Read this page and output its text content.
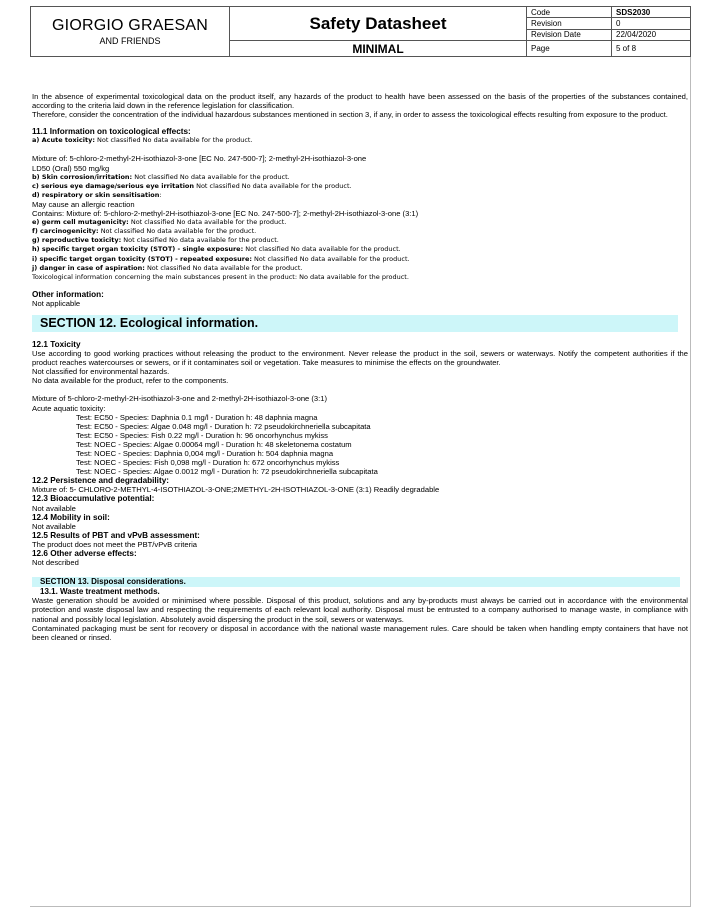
GIORGIO GRAESAN
AND FRIENDS	Safety Datasheet	Code	SDS2030
		Revision	0
		Revision Date	22/04/2020
	MINIMAL	Page	5 of 8

In the absence of experimental toxicological data on the product itself, any hazards of the product to health have been assessed on the basis of the properties of the substances contained, according to the criteria laid down in the reference legislation for classification.

Therefore, consider the concentration of the individual hazardous substances mentioned in section 3, if any, in order to assess the toxicological effects resulting from exposure to the product.

11.1 Information on toxicological effects:

a) Acute toxicity: Not classified No data available for the product.

Mixture of: 5-chloro-2-methyl-2H-isothiazol-3-one [EC No. 247-500-7]; 2-methyl-2H-isothiazol-3-one

LD50 (Oral) 550 mg/kg

b) Skin corrosion/irritation: Not classified No data available for the product.

c) serious eye damage/serious eye irritation Not classified No data available for the product.

d) respiratory or skin sensitisation:

May cause an allergic reaction

Contains: Mixture of: 5-chloro-2-methyl-2H-isothiazol-3-one [EC No. 247-500-7]; 2-methyl-2H-isothiazol-3-one (3:1)

e) germ cell mutagenicity: Not classified No data available for the product.

f) carcinogenicity: Not classified No data available for the product.

g) reproductive toxicity: Not classified No data available for the product.

h) specific target organ toxicity (STOT) - single exposure: Not classified No data available for the product.

i) specific target organ toxicity (STOT) - repeated exposure: Not classified No data available for the product.

j) danger in case of aspiration: Not classified No data available for the product.

Toxicological information concerning the main substances present in the product: No data available for the product.

Other information:

Not applicable

SECTION 12. Ecological information.

12.1 Toxicity

Use according to good working practices without releasing the product to the environment. Never release the product in the soil, sewers or waterways. Notify the competent authorities if the product reaches watercourses or sewers, or if it contaminates soil or vegetation. Take measures to minimise the effects on the groundwater.

Not classified for environmental hazards.

No data available for the product, refer to the components.

Mixture of 5-chloro-2-methyl-2H-isothiazol-3-one and 2-methyl-2H-isothiazol-3-one (3:1)

Acute aquatic toxicity:

Test: EC50 - Species: Daphnia 0.1 mg/l - Duration h: 48 daphnia magna

Test: EC50 - Species: Algae 0.048 mg/l - Duration h: 72 pseudokirchneriella subcapitata

Test: EC50 - Species: Fish 0.22 mg/l - Duration h: 96 oncorhynchus mykiss

Test: NOEC - Species: Algae 0.00064 mg/l - Duration h: 48 skeletonema costatum

Test: NOEC - Species: Daphnia 0,004 mg/l - Duration h: 504 daphnia magna

Test: NOEC - Species: Fish 0,098 mg/l - Duration h: 672 oncorhynchus mykiss

Test: NOEC - Species: Algae 0.0012 mg/l - Duration h: 72 pseudokirchneriella subcapitata

12.2 Persistence and degradability:

Mixture of: 5- CHLORO-2-METHYL-4-ISOTHIAZOL-3-ONE;2METHYL-2H-ISOTHIAZOL-3-ONE (3:1) Readily degradable

12.3 Bioaccumulative potential:

Not available

12.4 Mobility in soil:

Not available

12.5 Results of PBT and vPvB assessment:

The product does not meet the PBT/vPvB criteria

12.6 Other adverse effects:

Not described

SECTION 13. Disposal considerations.

13.1. Waste treatment methods.

Waste generation should be avoided or minimised where possible. Disposal of this product, solutions and any by-products must always be carried out in accordance with the environmental protection and waste disposal law and respecting the requirements of each relevant local authority. Disposal must be entrusted to a company authorised to manage waste, in compliance with national and possibly local legislation. Absolutely avoid dispersing the product in the soil, sewers or waterways.

Contaminated packaging must be sent for recovery or disposal in accordance with the national waste management rules. Care should be taken when handling empty containers that have not been cleaned or rinsed.
